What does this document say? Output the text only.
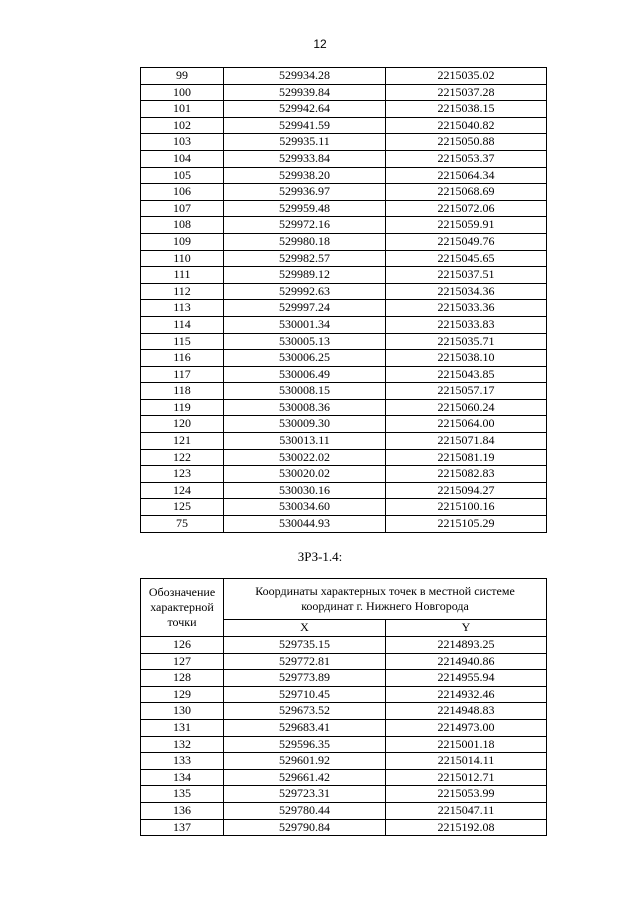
12
99	529934.28	2215035.02
100	529939.84	2215037.28
101	529942.64	2215038.15
102	529941.59	2215040.82
103	529935.11	2215050.88
104	529933.84	2215053.37
105	529938.20	2215064.34
106	529936.97	2215068.69
107	529959.48	2215072.06
108	529972.16	2215059.91
109	529980.18	2215049.76
110	529982.57	2215045.65
111	529989.12	2215037.51
112	529992.63	2215034.36
113	529997.24	2215033.36
114	530001.34	2215033.83
115	530005.13	2215035.71
116	530006.25	2215038.10
117	530006.49	2215043.85
118	530008.15	2215057.17
119	530008.36	2215060.24
120	530009.30	2215064.00
121	530013.11	2215071.84
122	530022.02	2215081.19
123	530020.02	2215082.83
124	530030.16	2215094.27
125	530034.60	2215100.16
75	530044.93	2215105.29
ЗРЗ-1.4:
Обозначение характерной точки	Координаты характерных точек в местной системе координат г. Нижнего Новгорода	
	X	Y
126	529735.15	2214893.25
127	529772.81	2214940.86
128	529773.89	2214955.94
129	529710.45	2214932.46
130	529673.52	2214948.83
131	529683.41	2214973.00
132	529596.35	2215001.18
133	529601.92	2215014.11
134	529661.42	2215012.71
135	529723.31	2215053.99
136	529780.44	2215047.11
137	529790.84	2215192.08
